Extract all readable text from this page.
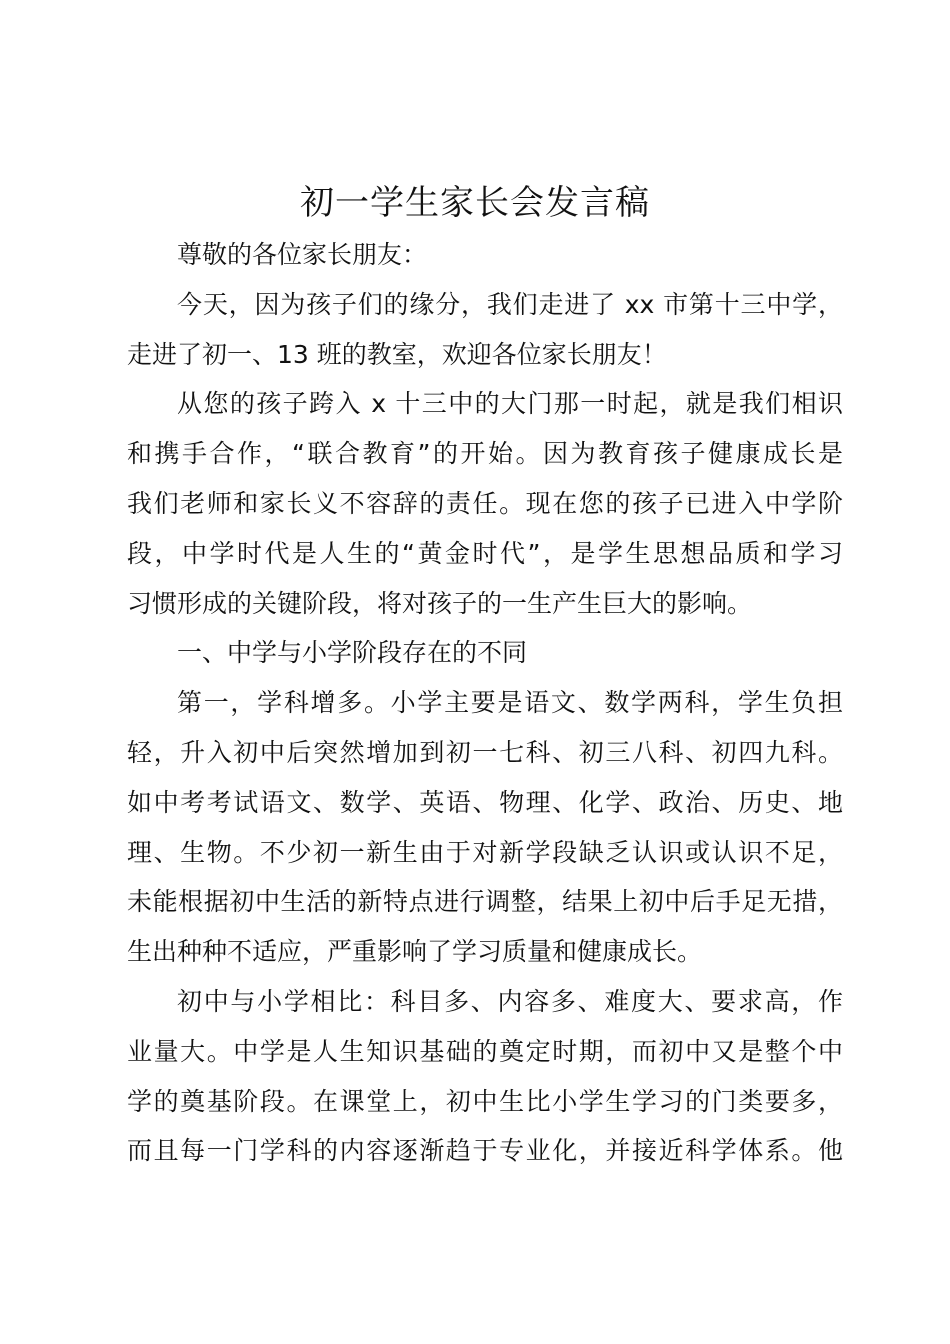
初一学生家长会发言稿
尊敬的各位家长朋友：
今天，因为孩子们的缘分，我们走进了 xx 市第十三中学，
走进了初一、13 班的教室，欢迎各位家长朋友！
从您的孩子跨入 x 十三中的大门那一时起，就是我们相识
和携手合作，“联合教育”的开始。因为教育孩子健康成长是
我们老师和家长义不容辞的责任。现在您的孩子已进入中学阶
段，中学时代是人生的“黄金时代”，是学生思想品质和学习
习惯形成的关键阶段，将对孩子的一生产生巨大的影响。
一、中学与小学阶段存在的不同
第一，学科增多。小学主要是语文、数学两科，学生负担
轻，升入初中后突然增加到初一七科、初三八科、初四九科。
如中考考试语文、数学、英语、物理、化学、政治、历史、地
理、生物。不少初一新生由于对新学段缺乏认识或认识不足，
未能根据初中生活的新特点进行调整，结果上初中后手足无措，
生出种种不适应，严重影响了学习质量和健康成长。
初中与小学相比：科目多、内容多、难度大、要求高，作
业量大。中学是人生知识基础的奠定时期，而初中又是整个中
学的奠基阶段。在课堂上，初中生比小学生学习的门类要多，
而且每一门学科的内容逐渐趋于专业化，并接近科学体系。他
